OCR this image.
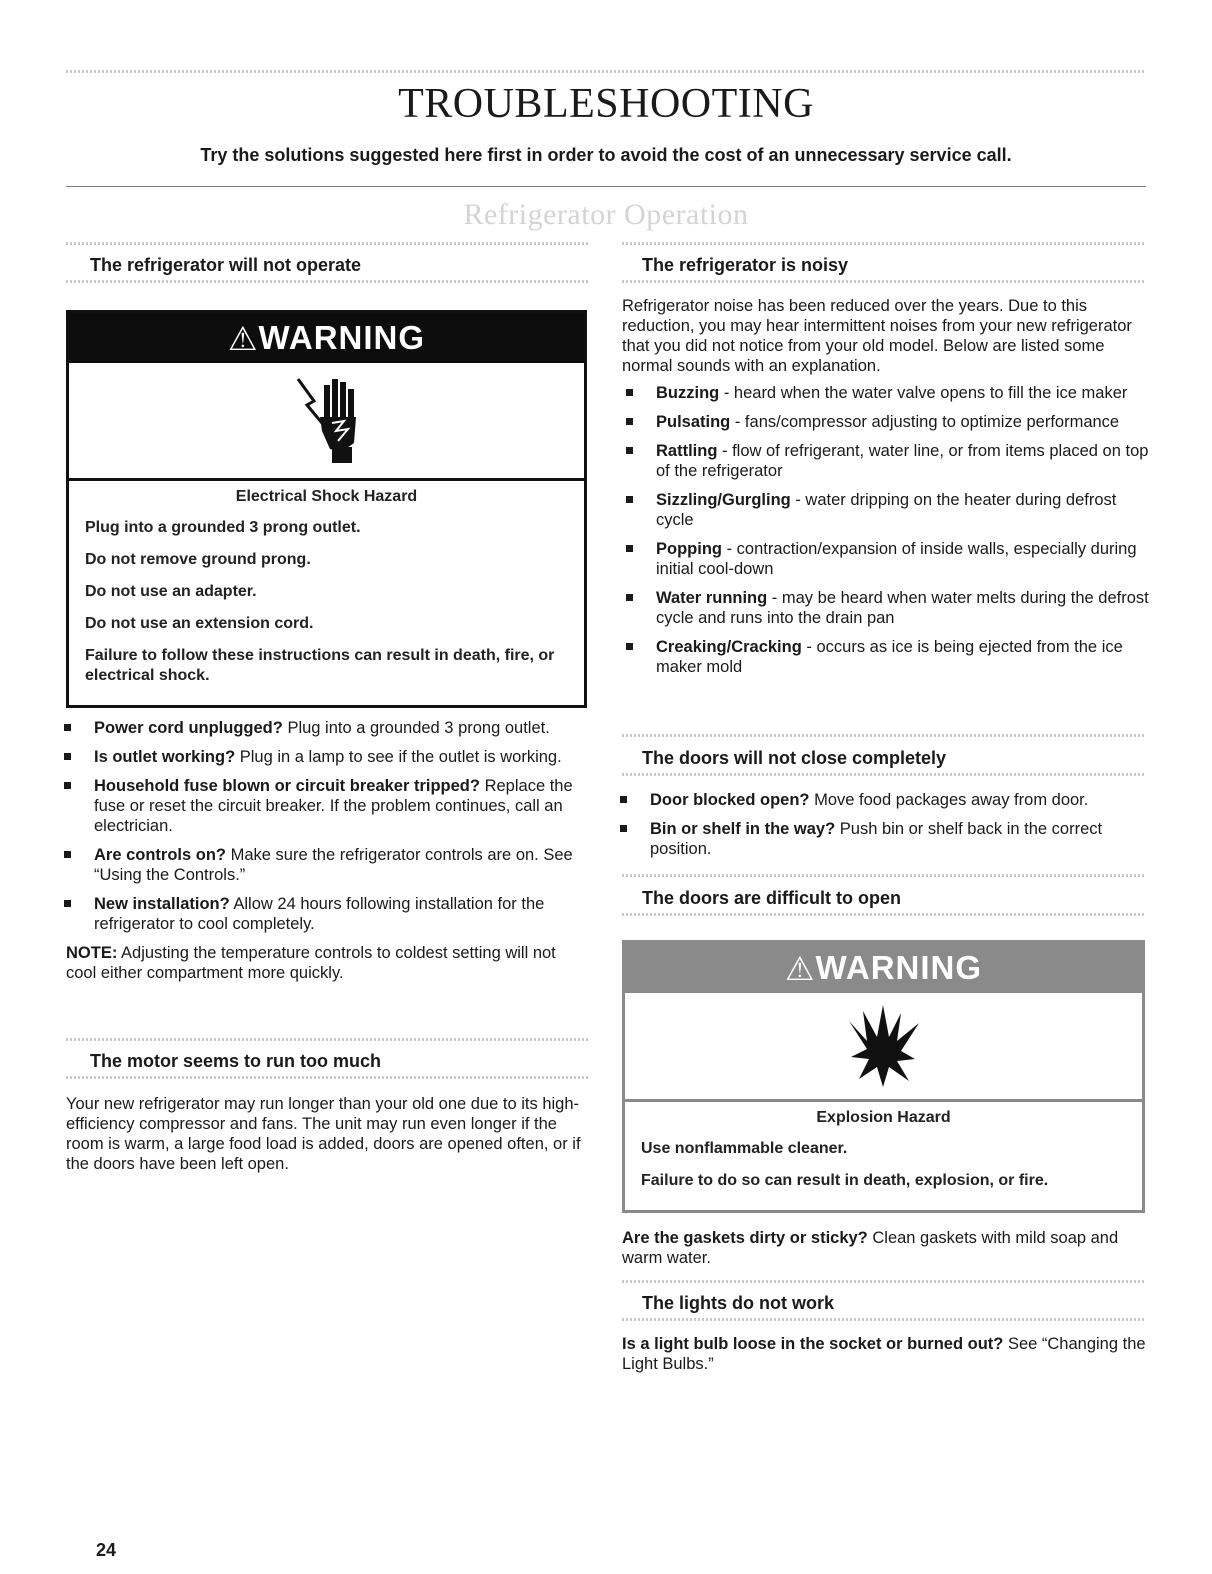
TROUBLESHOOTING
Try the solutions suggested here first in order to avoid the cost of an unnecessary service call.
Refrigerator Operation
The refrigerator will not operate
⚠ WARNING
Electrical Shock Hazard
Plug into a grounded 3 prong outlet.
Do not remove ground prong.
Do not use an adapter.
Do not use an extension cord.
Failure to follow these instructions can result in death, fire, or electrical shock.
Power cord unplugged? Plug into a grounded 3 prong outlet.
Is outlet working? Plug in a lamp to see if the outlet is working.
Household fuse blown or circuit breaker tripped? Replace the fuse or reset the circuit breaker. If the problem continues, call an electrician.
Are controls on? Make sure the refrigerator controls are on. See “Using the Controls.”
New installation? Allow 24 hours following installation for the refrigerator to cool completely.

NOTE: Adjusting the temperature controls to coldest setting will not cool either compartment more quickly.

The motor seems to run too much

Your new refrigerator may run longer than your old one due to its high-efficiency compressor and fans. The unit may run even longer if the room is warm, a large food load is added, doors are opened often, or if the doors have been left open.

The refrigerator is noisy

Refrigerator noise has been reduced over the years. Due to this reduction, you may hear intermittent noises from your new refrigerator that you did not notice from your old model. Below are listed some normal sounds with an explanation.

Buzzing - heard when the water valve opens to fill the ice maker
Pulsating - fans/compressor adjusting to optimize performance
Rattling - flow of refrigerant, water line, or from items placed on top of the refrigerator
Sizzling/Gurgling - water dripping on the heater during defrost cycle
Popping - contraction/expansion of inside walls, especially during initial cool-down
Water running - may be heard when water melts during the defrost cycle and runs into the drain pan
Creaking/Cracking - occurs as ice is being ejected from the ice maker mold
The doors will not close completely
Door blocked open? Move food packages away from door.
Bin or shelf in the way? Push bin or shelf back in the correct position.
The doors are difficult to open
⚠ WARNING
Explosion Hazard
Use nonflammable cleaner.
Failure to do so can result in death, explosion, or fire.

Are the gaskets dirty or sticky? Clean gaskets with mild soap and warm water.

The lights do not work

Is a light bulb loose in the socket or burned out? See “Changing the Light Bulbs.”

24
